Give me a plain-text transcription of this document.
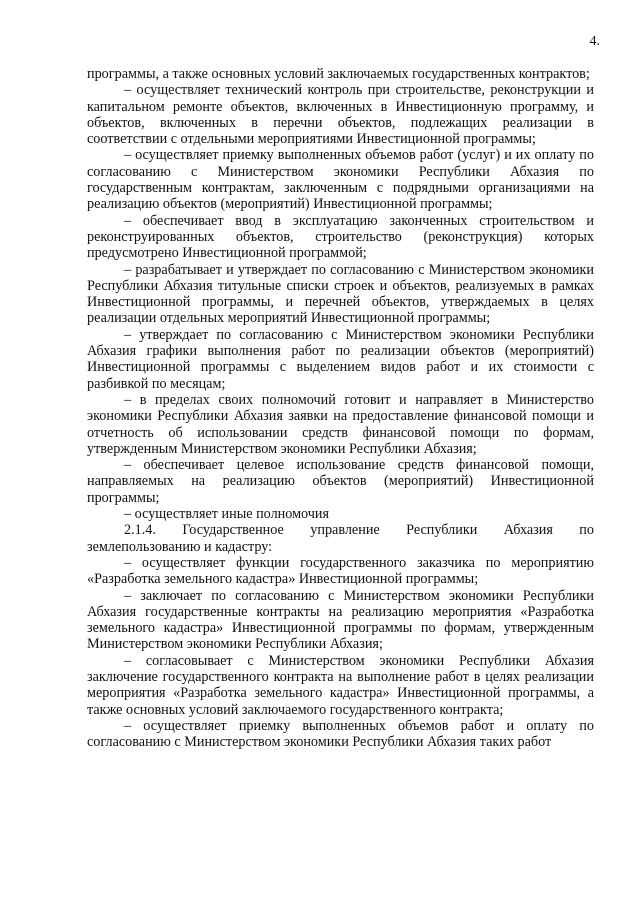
4.

программы, а также основных условий заключаемых государственных контрактов;

– осуществляет технический контроль при строительстве, реконструкции и капитальном ремонте объектов, включенных в Инвестиционную программу, и объектов, включенных в перечни объектов, подлежащих реализации в соответствии с отдельными мероприятиями Инвестиционной программы;

– осуществляет приемку выполненных объемов работ (услуг) и их оплату по согласованию с Министерством экономики Республики Абхазия по государственным контрактам, заключенным с подрядными организациями на реализацию объектов (мероприятий) Инвестиционной программы;

– обеспечивает ввод в эксплуатацию законченных строительством и реконструированных объектов, строительство (реконструкция) которых предусмотрено Инвестиционной программой;

– разрабатывает и утверждает по согласованию с Министерством экономики Республики Абхазия титульные списки строек и объектов, реализуемых в рамках Инвестиционной программы, и перечней объектов, утверждаемых в целях реализации отдельных мероприятий Инвестиционной программы;

– утверждает по согласованию с Министерством экономики Республики Абхазия графики выполнения работ по реализации объектов (мероприятий) Инвестиционной программы с выделением видов работ и их стоимости с разбивкой по месяцам;

– в пределах своих полномочий готовит и направляет в Министерство экономики Республики Абхазия заявки на предоставление финансовой помощи и отчетность об использовании средств финансовой помощи по формам, утвержденным Министерством экономики Республики Абхазия;

– обеспечивает целевое использование средств финансовой помощи, направляемых на реализацию объектов (мероприятий) Инвестиционной программы;

– осуществляет иные полномочия

2.1.4. Государственное управление Республики Абхазия по землепользованию и кадастру:

– осуществляет функции государственного заказчика по мероприятию «Разработка земельного кадастра» Инвестиционной программы;

– заключает по согласованию с Министерством экономики Республики Абхазия государственные контракты на реализацию мероприятия «Разработка земельного кадастра» Инвестиционной программы по формам, утвержденным Министерством экономики Республики Абхазия;

– согласовывает с Министерством экономики Республики Абхазия заключение государственного контракта на выполнение работ в целях реализации мероприятия «Разработка земельного кадастра» Инвестиционной программы, а также основных условий заключаемого государственного контракта;

– осуществляет приемку выполненных объемов работ и оплату по согласованию с Министерством экономики Республики Абхазия таких работ
